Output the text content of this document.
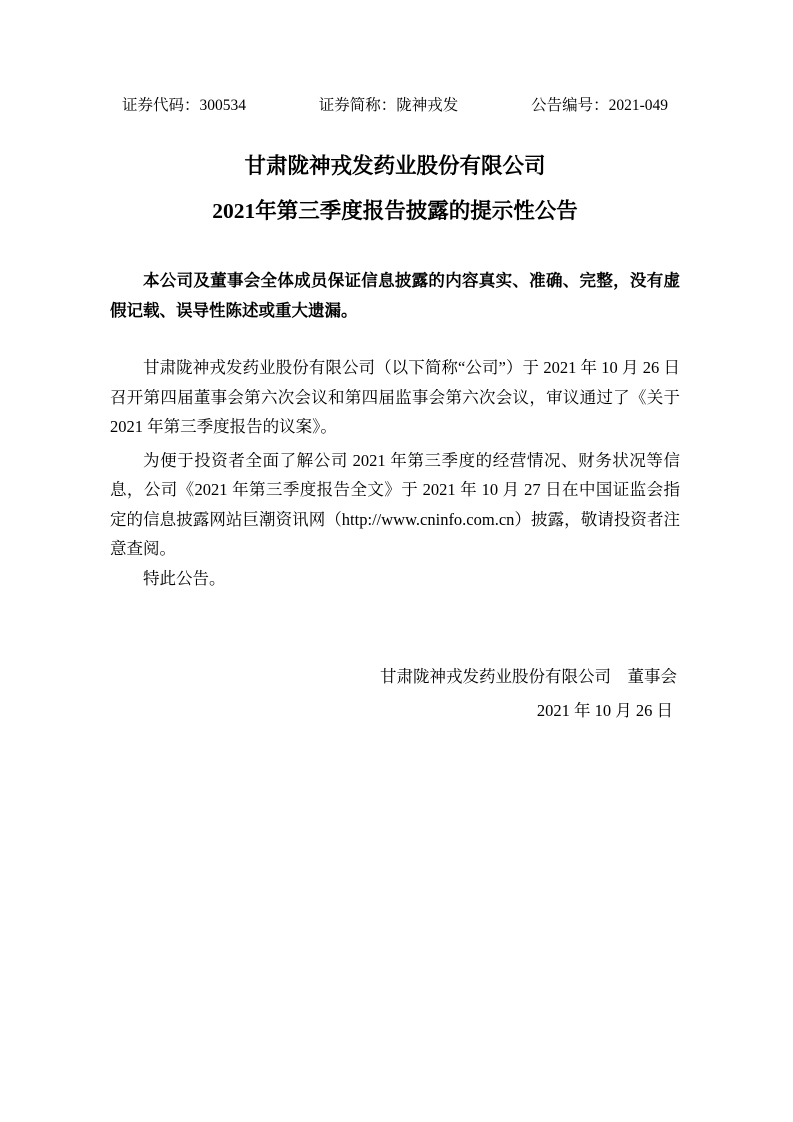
证券代码：300534	证券简称：陇神戎发	公告编号：2021-049
甘肃陇神戎发药业股份有限公司
2021年第三季度报告披露的提示性公告
本公司及董事会全体成员保证信息披露的内容真实、准确、完整，没有虚假记载、误导性陈述或重大遗漏。
甘肃陇神戎发药业股份有限公司（以下简称“公司”）于 2021 年 10 月 26 日召开第四届董事会第六次会议和第四届监事会第六次会议，审议通过了《关于 2021 年第三季度报告的议案》。
为便于投资者全面了解公司 2021 年第三季度的经营情况、财务状况等信息，公司《2021 年第三季度报告全文》于 2021 年 10 月 27 日在中国证监会指定的信息披露网站巨潮资讯网（http://www.cninfo.com.cn）披露，敬请投资者注意查阅。
特此公告。
甘肃陇神戎发药业股份有限公司　董事会
2021 年 10 月 26 日
